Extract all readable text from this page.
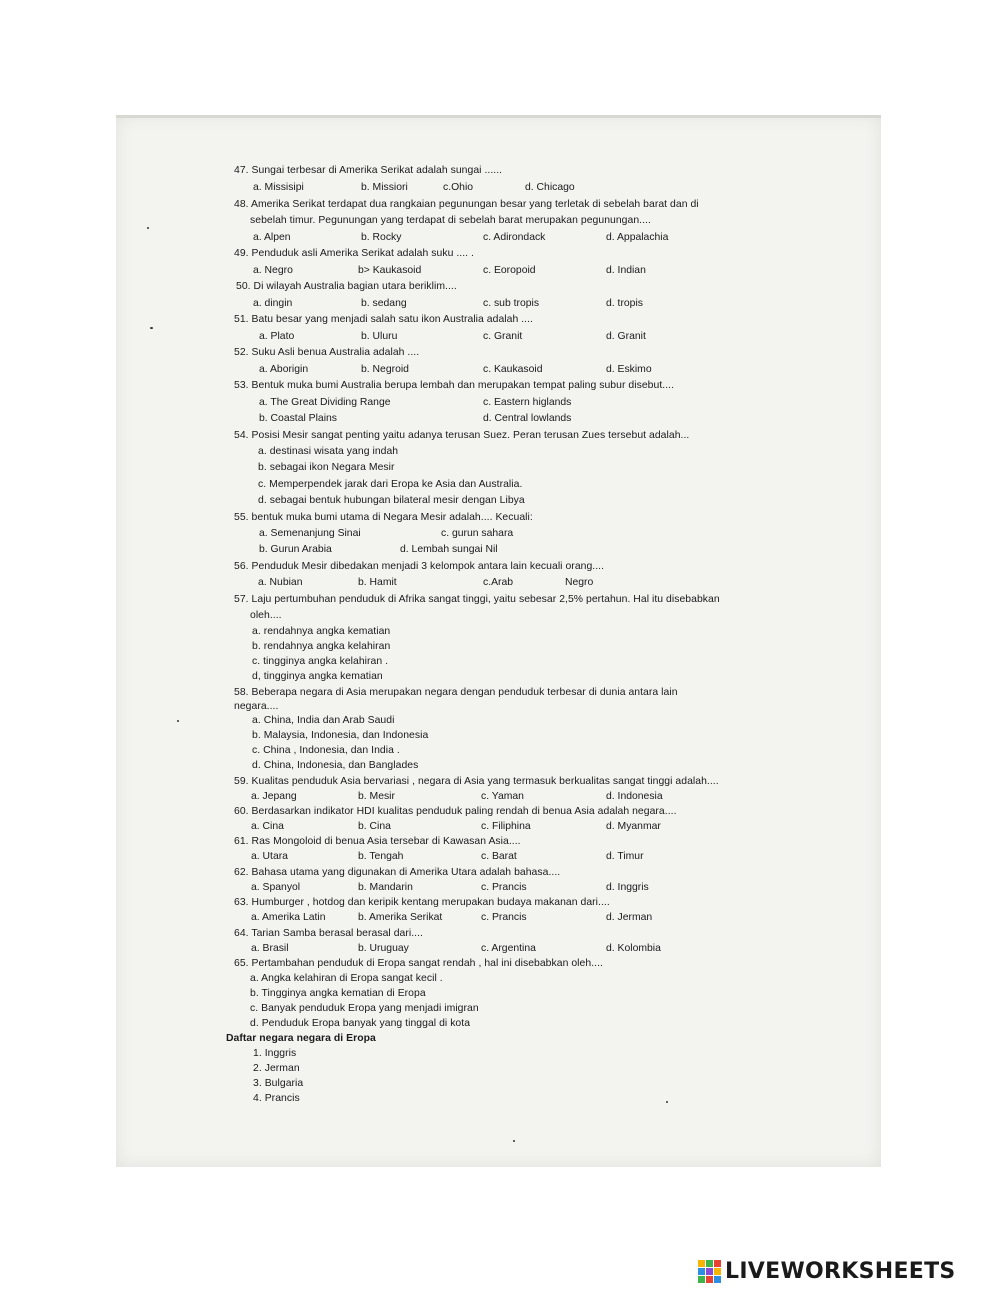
47. Sungai terbesar di Amerika Serikat adalah sungai ......
a. Missisipi	b. Missiori	c.Ohio	d. Chicago
48. Amerika Serikat terdapat dua rangkaian pegunungan besar yang terletak di sebelah barat dan di
sebelah timur. Pegunungan yang terdapat di sebelah barat merupakan pegunungan....
a. Alpen	b. Rocky	c. Adirondack	d. Appalachia
49. Penduduk asli Amerika Serikat adalah suku .... .
a. Negro	b> Kaukasoid	c. Eoropoid	d. Indian
50. Di wilayah Australia bagian utara beriklim....
a. dingin	b. sedang	c. sub tropis	d. tropis
51. Batu besar yang menjadi salah satu ikon Australia adalah ....
a. Plato	b. Uluru	c. Granit	d. Granit
52. Suku Asli benua Australia adalah ....
a. Aborigin	b. Negroid	c. Kaukasoid	d. Eskimo
53. Bentuk muka bumi Australia berupa lembah dan merupakan tempat paling subur disebut....
a. The Great Dividing Range	c. Eastern higlands
b. Coastal Plains	d. Central lowlands
54. Posisi Mesir sangat penting yaitu adanya terusan Suez. Peran terusan Zues tersebut adalah...
a. destinasi wisata yang indah
b. sebagai ikon Negara Mesir
c. Memperpendek jarak dari Eropa ke Asia dan Australia.
d. sebagai bentuk hubungan bilateral mesir dengan Libya
55. bentuk muka bumi utama di Negara Mesir adalah.... Kecuali:
a. Semenanjung Sinai	c. gurun sahara
b. Gurun Arabia	d. Lembah sungai Nil
56. Penduduk Mesir dibedakan menjadi 3 kelompok antara lain kecuali orang....
a. Nubian	b. Hamit	c.Arab	Negro
57. Laju pertumbuhan penduduk di Afrika sangat tinggi, yaitu sebesar 2,5% pertahun. Hal itu disebabkan
oleh....
a. rendahnya angka kematian
b. rendahnya angka kelahiran
c. tingginya angka kelahiran .
d, tingginya angka kematian
58. Beberapa negara di Asia merupakan negara dengan penduduk terbesar di dunia antara lain
negara....
a. China, India dan Arab Saudi
b. Malaysia, Indonesia, dan Indonesia
c. China , Indonesia, dan India .
d. China, Indonesia, dan Banglades
59. Kualitas penduduk Asia bervariasi , negara di Asia yang termasuk berkualitas sangat tinggi adalah....
a. Jepang	b. Mesir	c. Yaman	d. Indonesia
60. Berdasarkan indikator HDI kualitas penduduk paling rendah di benua Asia adalah negara....
a. Cina	b. Cina	c. Filiphina	d. Myanmar
61. Ras Mongoloid di benua Asia tersebar di Kawasan Asia....
a. Utara	b. Tengah	c. Barat	d. Timur
62. Bahasa utama yang digunakan di Amerika Utara adalah bahasa....
a. Spanyol	b. Mandarin	c. Prancis	d. Inggris
63. Humburger , hotdog dan keripik kentang merupakan budaya makanan dari....
a. Amerika Latin	b. Amerika Serikat	c. Prancis	d. Jerman
64. Tarian Samba berasal berasal dari....
a. Brasil	b. Uruguay	c. Argentina	d. Kolombia
65. Pertambahan penduduk di Eropa sangat rendah , hal ini disebabkan oleh....
a. Angka kelahiran di Eropa sangat kecil .
b. Tingginya angka kematian di Eropa
c. Banyak penduduk Eropa yang menjadi imigran
d. Penduduk Eropa banyak yang tinggal di kota
Daftar negara negara di Eropa
1. Inggris
2. Jerman
3. Bulgaria
4. Prancis
LIVEWORKSHEETS
